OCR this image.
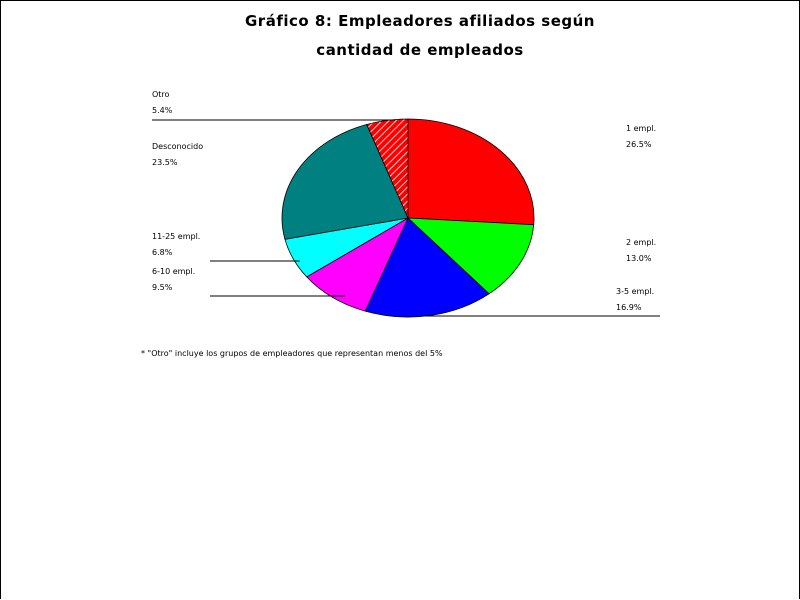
Gráfico 8: Empleadores afiliados según
cantidad de empleados
1 empl.
26.5%
2 empl.
13.0%
3-5 empl.
16.9%
6-10 empl.
9.5%
11-25 empl.
6.8%
Desconocido
23.5%
Otro
5.4%
* "Otro" incluye los grupos de empleadores que representan menos del 5%
